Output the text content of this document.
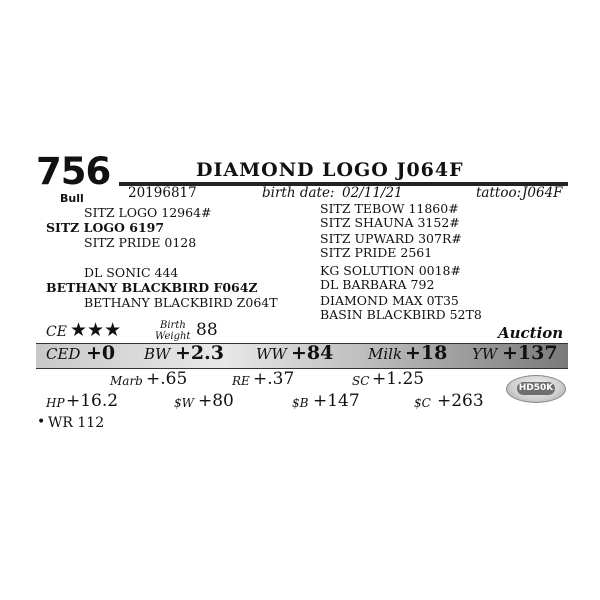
756
Bull
DIAMOND LOGO J064F
20196817	birth date: 02/11/21	tattoo: J064F
SITZ LOGO 12964#
SITZ LOGO 6197
SITZ PRIDE 0128
DL SONIC 444
BETHANY BLACKBIRD F064Z
BETHANY BLACKBIRD Z064T
SITZ TEBOW 11860#
SITZ SHAUNA 3152#
SITZ UPWARD 307R#
SITZ PRIDE 2561
KG SOLUTION 0018#
DL BARBARA 792
DIAMOND MAX 0T35
BASIN BLACKBIRD 52T8
CE ★★★	Birth
Weight 88	Auction
CED +0 BW +2.3 WW +84 Milk +18 YW +137
Marb +.65	RE +.37	SC +1.25	HD50K
HP +16.2	$W +80	$B +147	$C +263
• WR 112
